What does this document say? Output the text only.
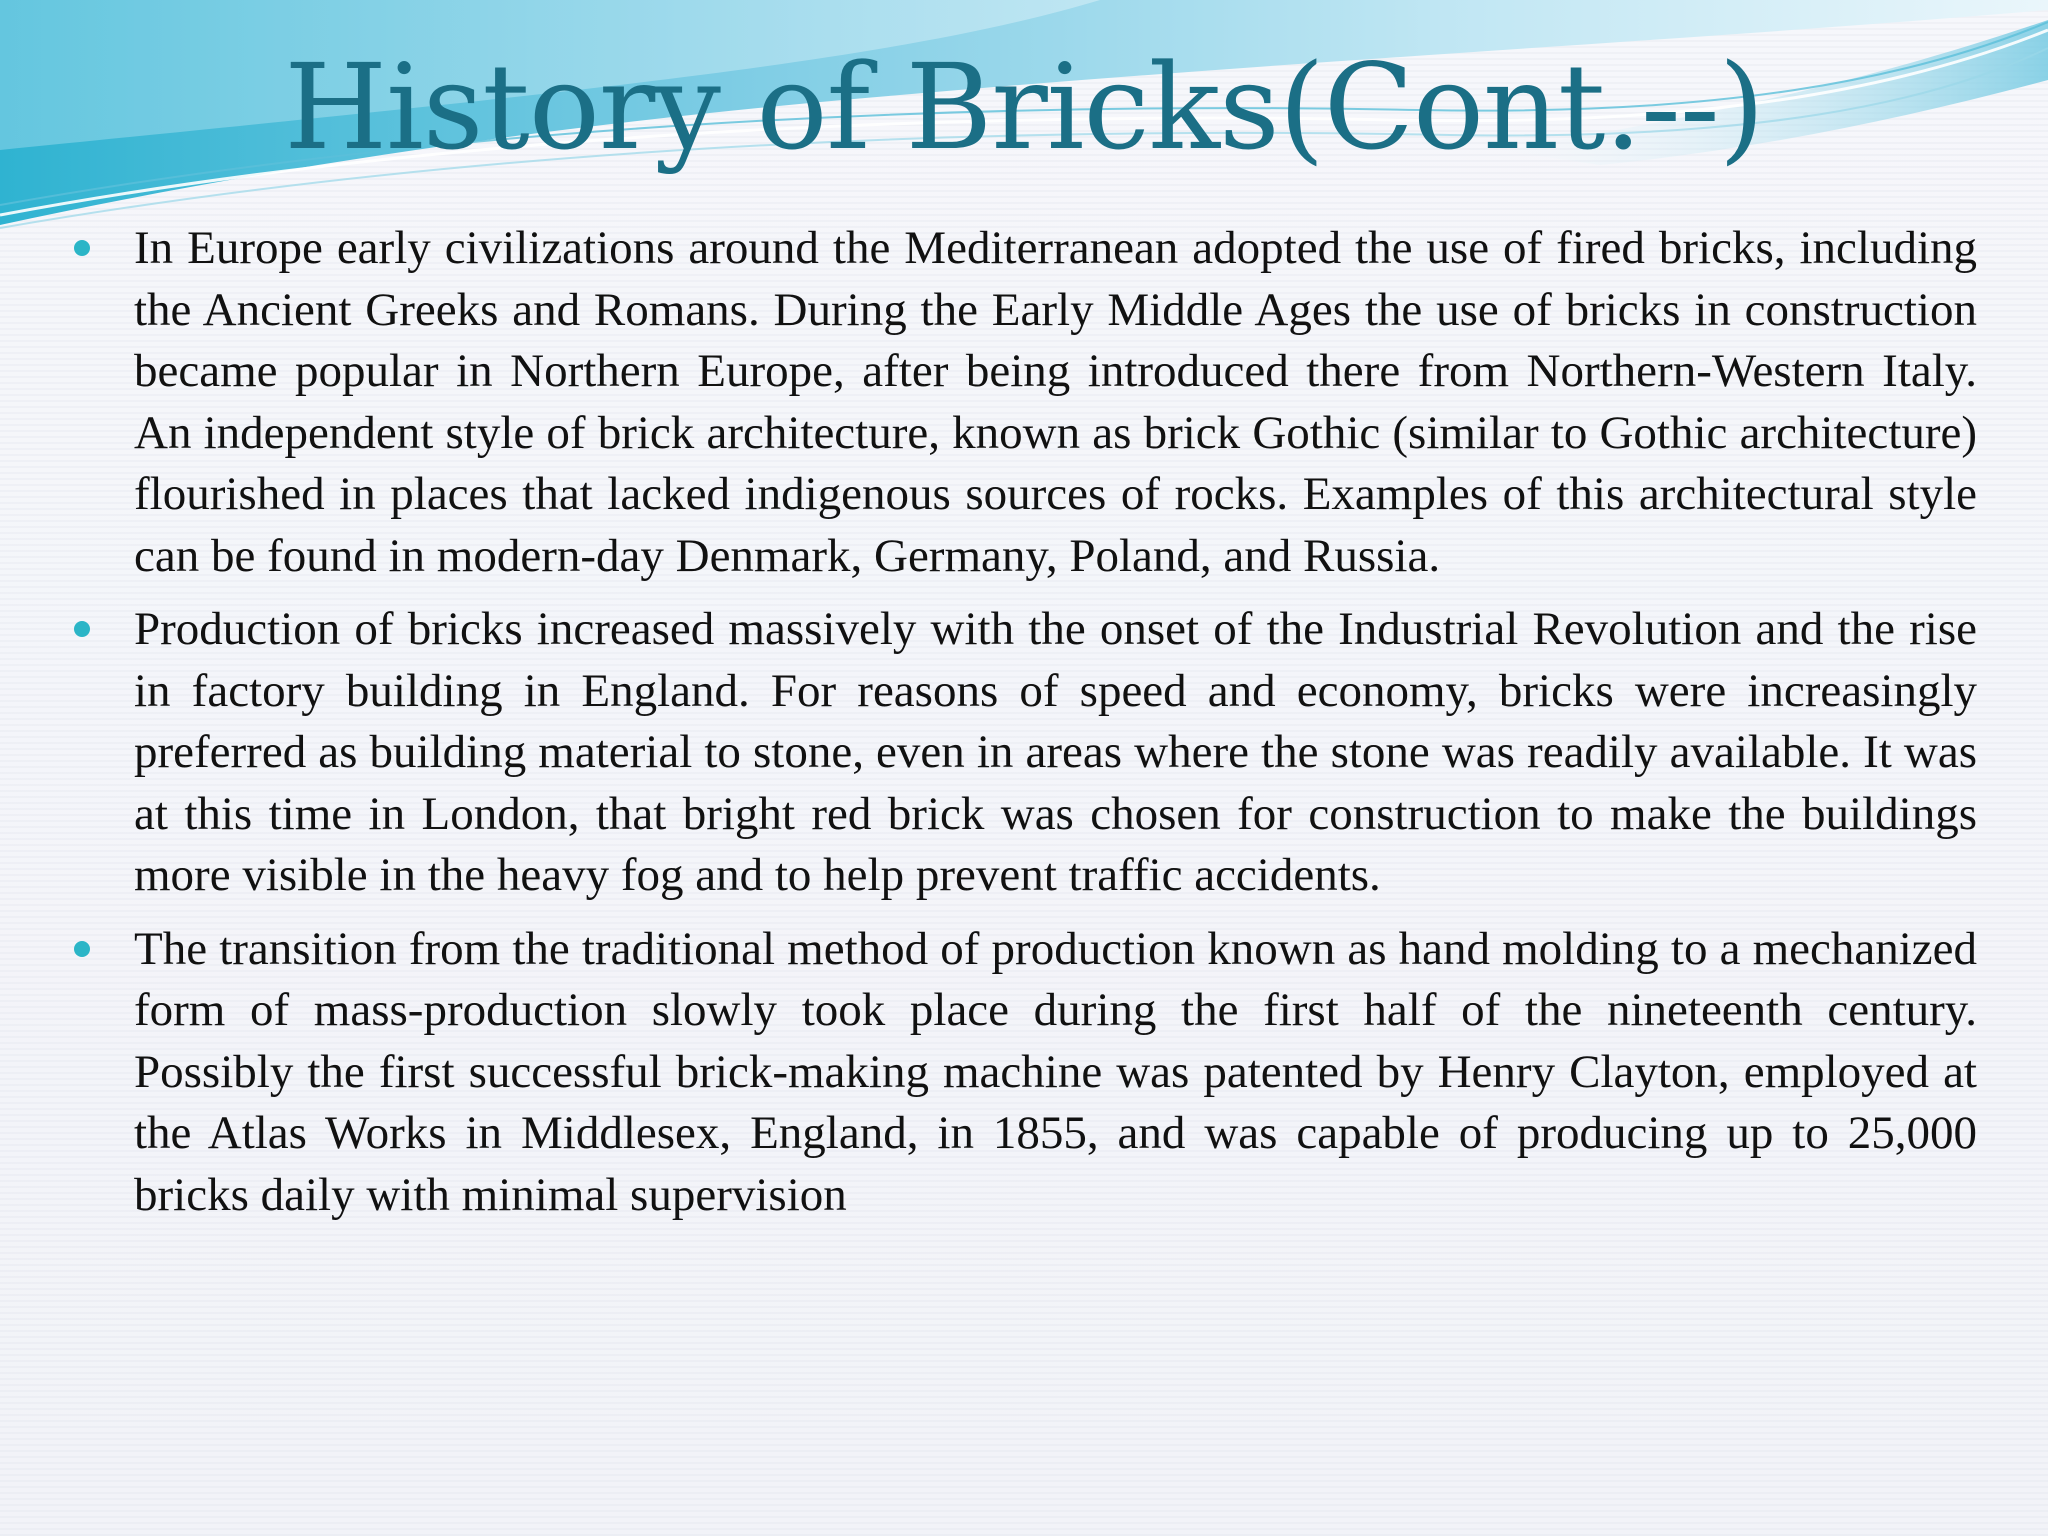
History of Bricks(Cont.--)
In Europe early civilizations around the Mediterranean adopted the use of fired bricks, including the Ancient Greeks and Romans. During the Early Middle Ages the use of bricks in construction became popular in Northern Europe, after being introduced there from Northern-Western Italy. An independent style of brick architecture, known as brick Gothic (similar to Gothic architecture) flourished in places that lacked indigenous sources of rocks. Examples of this architectural style can be found in modern-day Denmark, Germany, Poland, and Russia.
Production of bricks increased massively with the onset of the Industrial Revolution and the rise in factory building in England. For reasons of speed and economy, bricks were increasingly preferred as building material to stone, even in areas where the stone was readily available. It was at this time in London, that bright red brick was chosen for construction to make the buildings more visible in the heavy fog and to help prevent traffic accidents.
The transition from the traditional method of production known as hand molding to a mechanized form of mass-production slowly took place during the first half of the nineteenth century. Possibly the first successful brick-making machine was patented by Henry Clayton, employed at the Atlas Works in Middlesex, England, in 1855, and was capable of producing up to 25,000 bricks daily with minimal supervision
